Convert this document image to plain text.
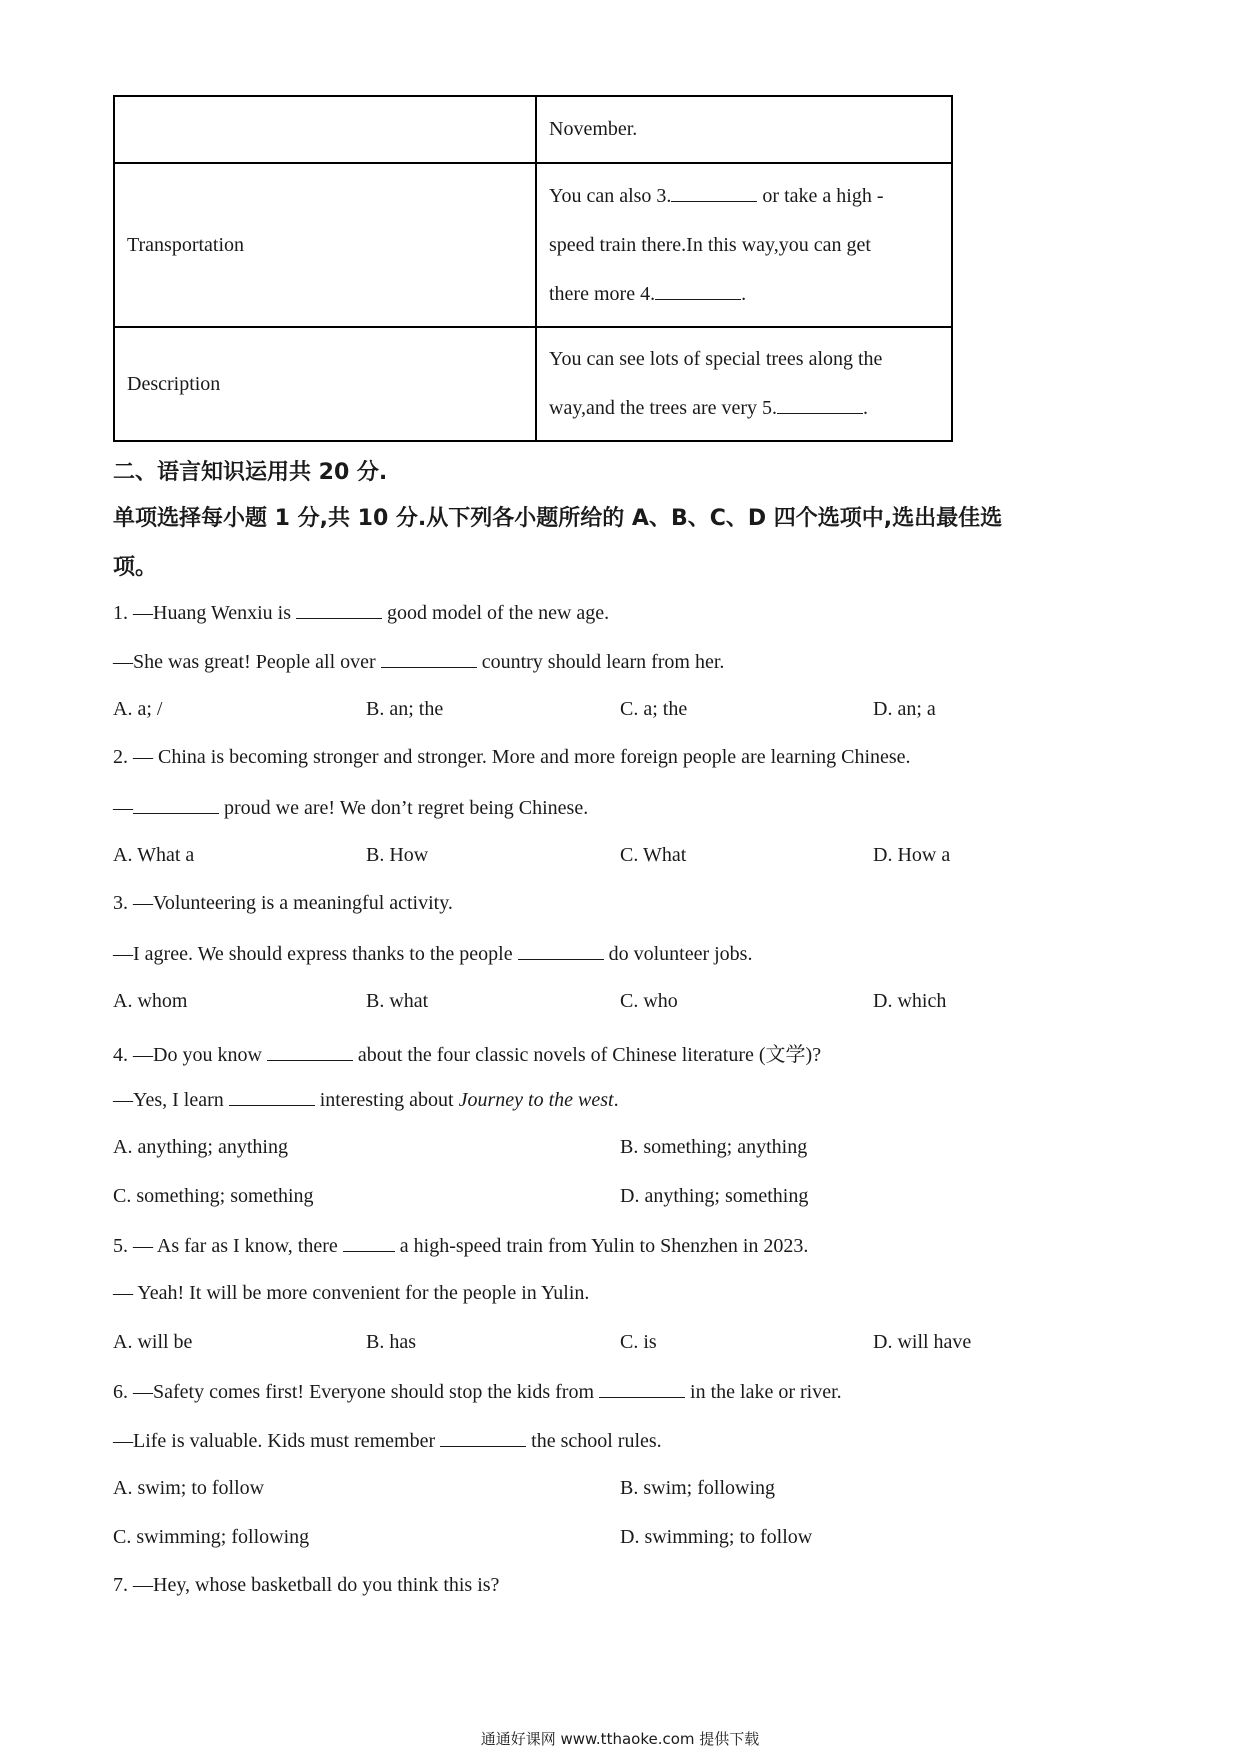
	November.
Transportation	You can also 3. or take a high -
speed train there.In this way,you can get
there more 4. .
Description	You can see lots of special trees along the
way,and the trees are very 5. .
二、语言知识运用共 20 分.
单项选择每小题 1 分,共 10 分.从下列各小题所给的 A、B、C、D 四个选项中,选出最佳选
项。
1. —Huang Wenxiu is	good model of the new age.
—She was great! People all over	country should learn from her.
A. a; /	B. an; the	C. a; the	D. an; a
2. — China is becoming stronger and stronger. More and more foreign people are learning Chinese.
—	proud we are! We don’t regret being Chinese.
A. What a	B. How	C. What	D. How a
3. —Volunteering is a meaningful activity.
—I agree. We should express thanks to the people	do volunteer jobs.
A. whom	B. what	C. who	D. which
4. —Do you know	about the four classic novels of Chinese literature (文学)?
—Yes, I learn	interesting about Journey to the west.
A. anything; anything	B. something; anything
C. something; something	D. anything; something
5. — As far as I know, there	a high-speed train from Yulin to Shenzhen in 2023.
— Yeah! It will be more convenient for the people in Yulin.
A. will be	B. has	C. is	D. will have
6. —Safety comes first! Everyone should stop the kids from	in the lake or river.
—Life is valuable. Kids must remember	the school rules.
A. swim; to follow	B. swim; following
C. swimming; following	D. swimming; to follow
7. —Hey, whose basketball do you think this is?
通通好课网 www.tthaoke.com 提供下载
